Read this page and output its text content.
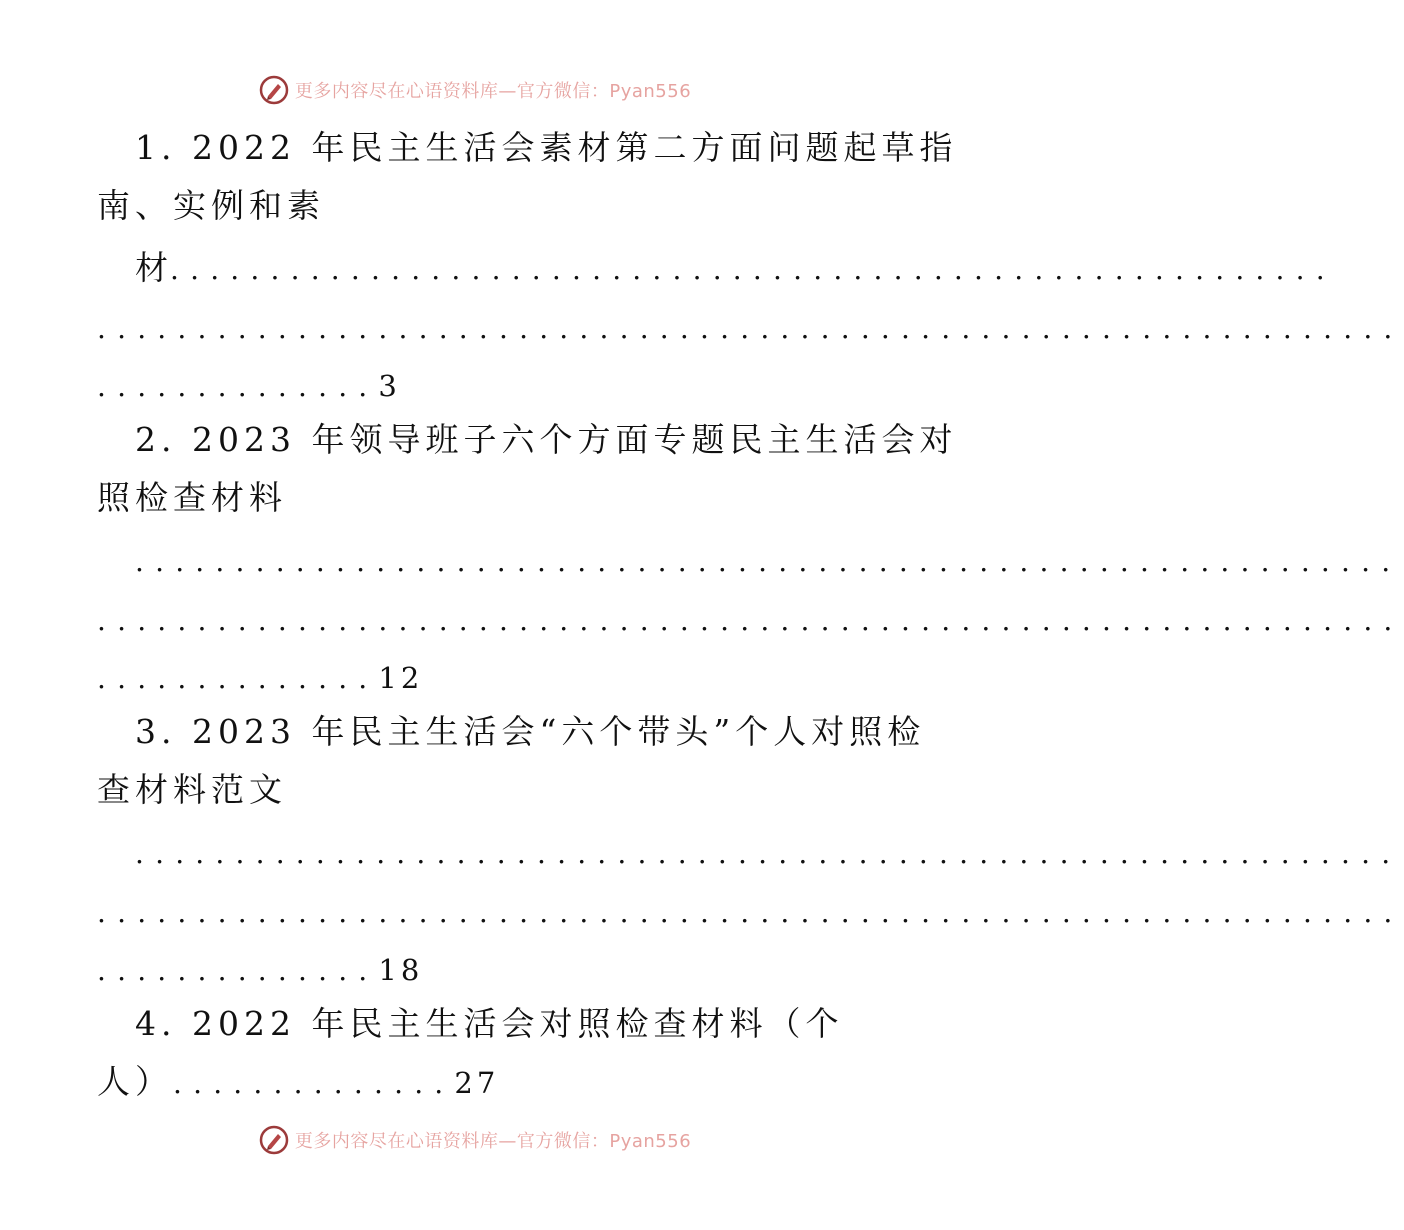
更多内容尽在心语资料库—官方微信：Pyan556
1. 2022 年民主生活会素材第二方面问题起草指
南、实例和素
材
..........................................................
.................................................................
..............3
2. 2023 年领导班子六个方面专题民主生活会对
照检查材料
...............................................................
.................................................................
..............12
3. 2023 年民主生活会“六个带头”个人对照检
查材料范文
...............................................................
.................................................................
..............18
4. 2022 年民主生活会对照检查材料（个
人）..............27
更多内容尽在心语资料库—官方微信：Pyan556
